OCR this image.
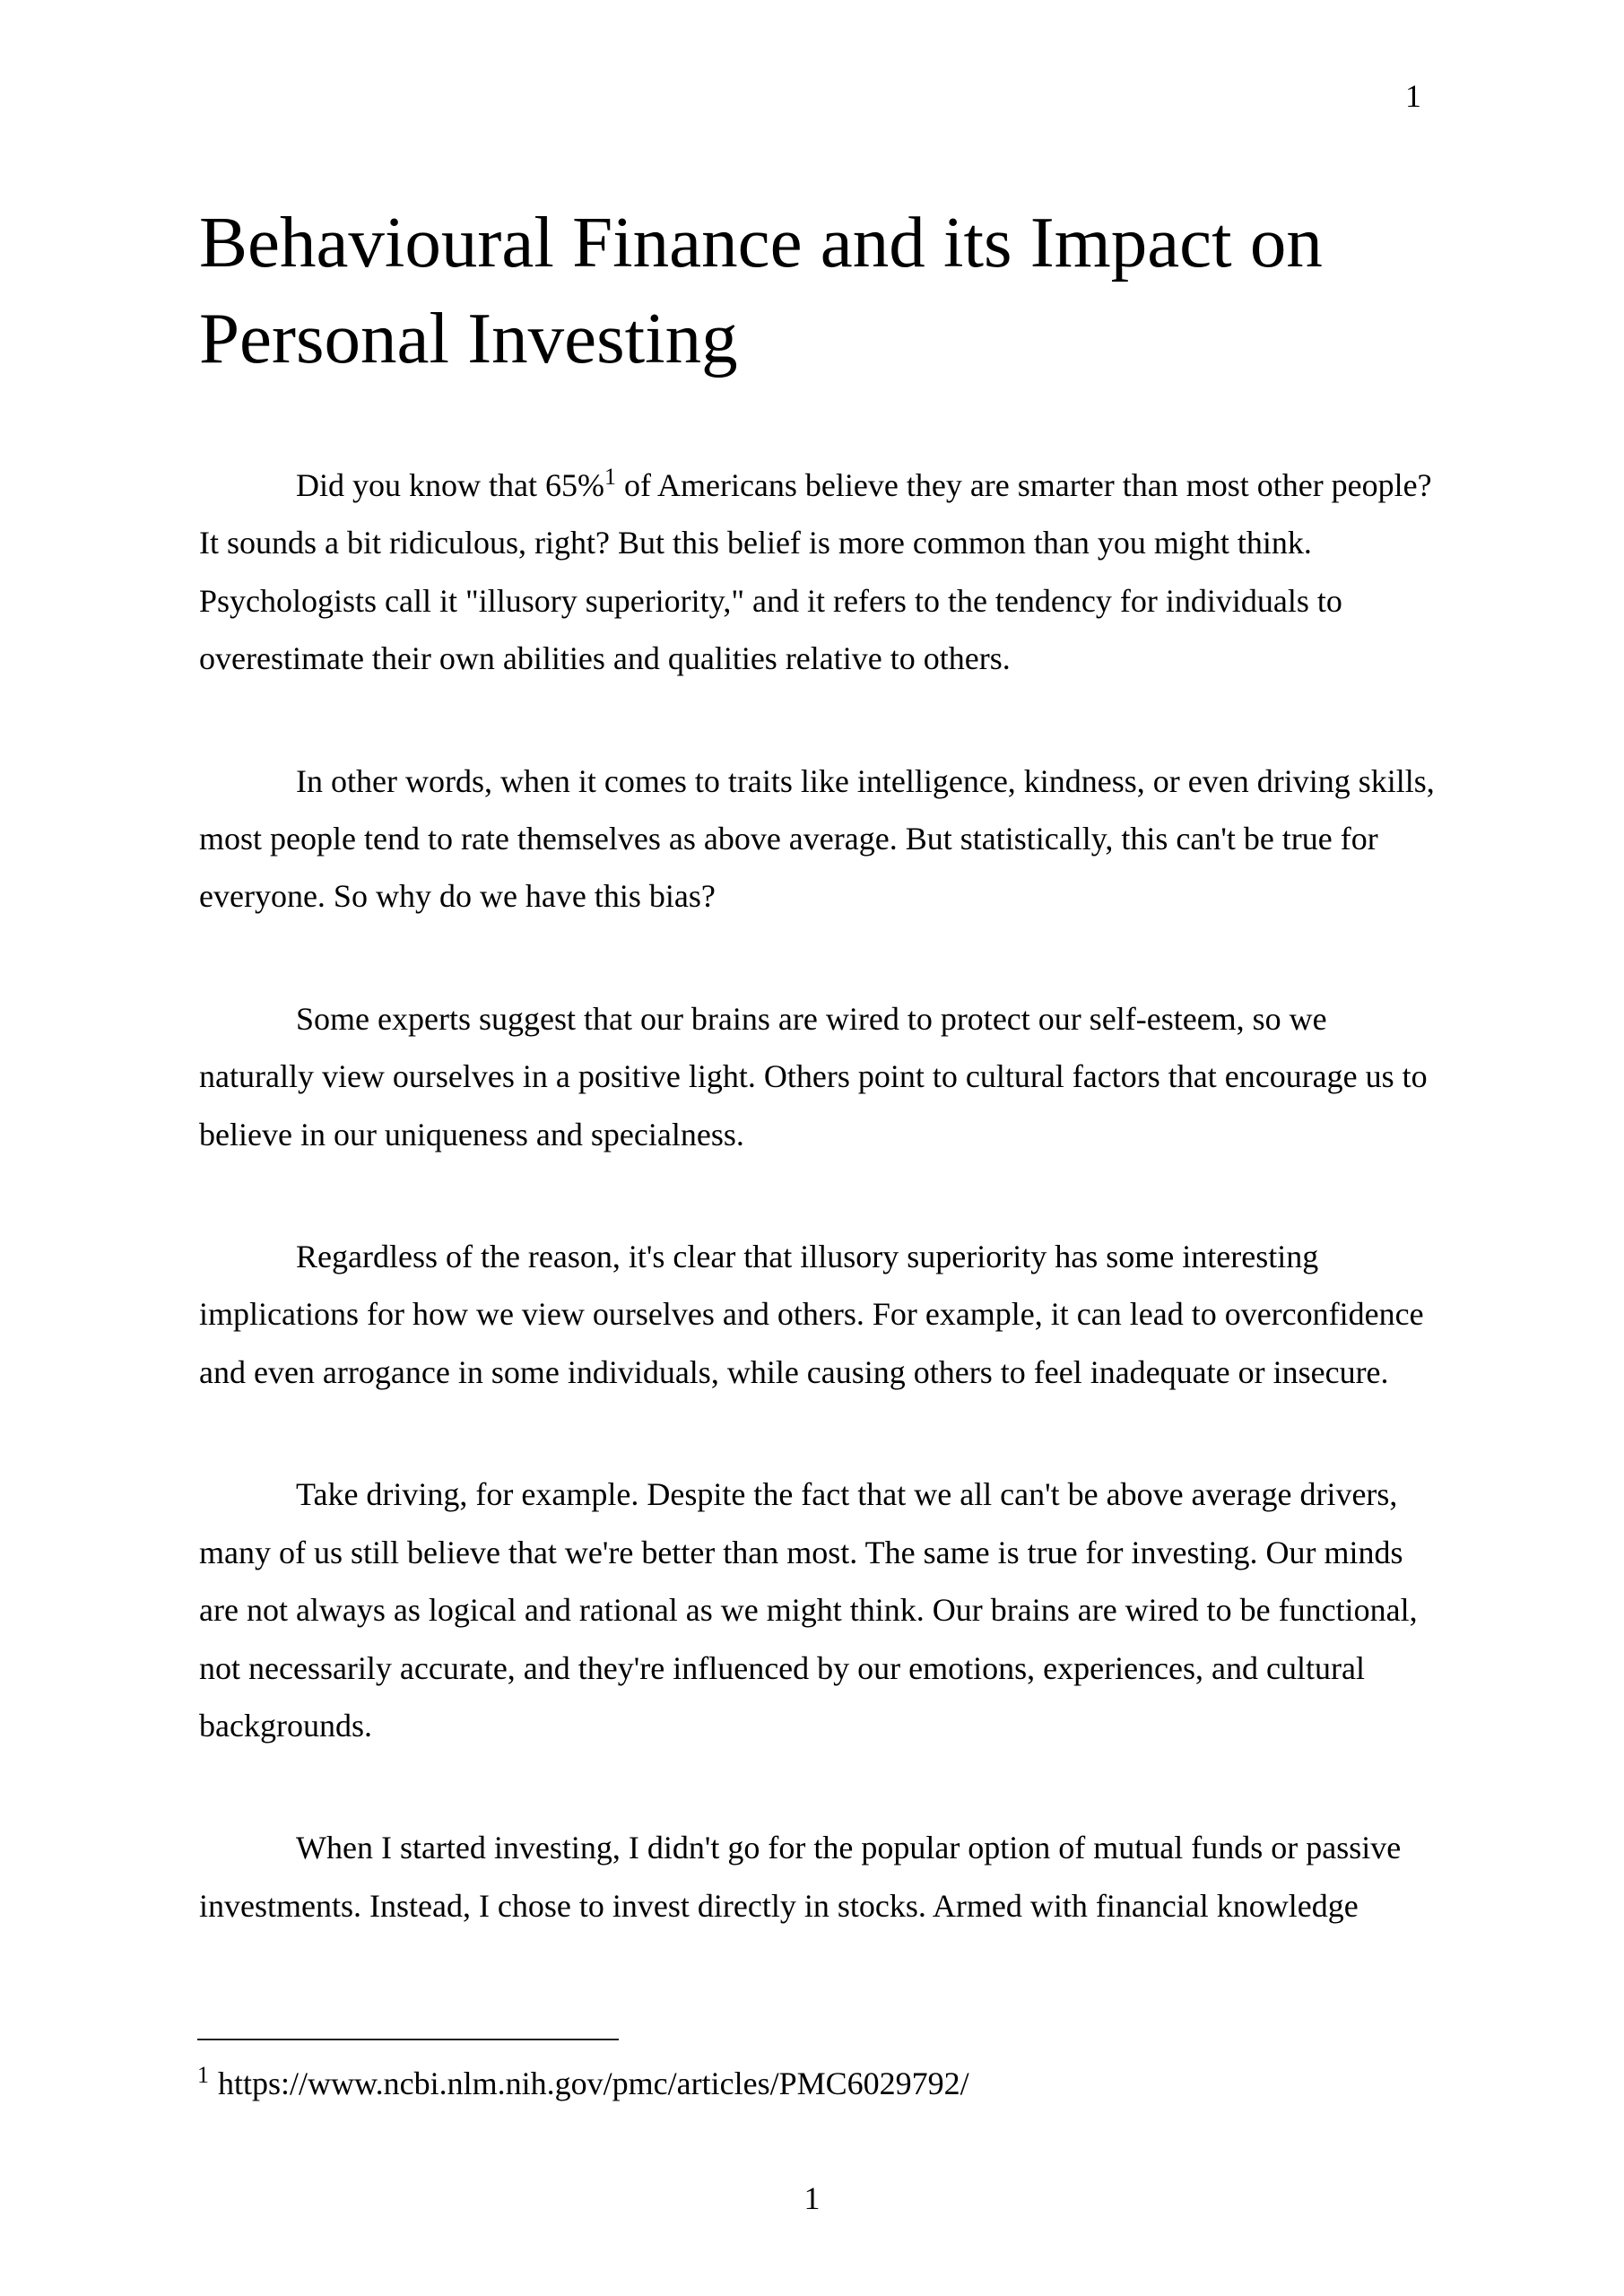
1
Behavioural Finance and its Impact on Personal Investing

Did you know that 65%$^1$ of Americans believe they are smarter than most other people? It sounds a bit ridiculous, right? But this belief is more common than you might think. Psychologists call it "illusory superiority," and it refers to the tendency for individuals to overestimate their own abilities and qualities relative to others.

In other words, when it comes to traits like intelligence, kindness, or even driving skills, most people tend to rate themselves as above average. But statistically, this can't be true for everyone. So why do we have this bias?

Some experts suggest that our brains are wired to protect our self-esteem, so we naturally view ourselves in a positive light. Others point to cultural factors that encourage us to believe in our uniqueness and specialness.

Regardless of the reason, it's clear that illusory superiority has some interesting implications for how we view ourselves and others. For example, it can lead to overconfidence and even arrogance in some individuals, while causing others to feel inadequate or insecure.

Take driving, for example. Despite the fact that we all can't be above average drivers, many of us still believe that we're better than most. The same is true for investing. Our minds are not always as logical and rational as we might think. Our brains are wired to be functional, not necessarily accurate, and they're influenced by our emotions, experiences, and cultural backgrounds.

When I started investing, I didn't go for the popular option of mutual funds or passive investments. Instead, I chose to invest directly in stocks. Armed with financial knowledge

$^1$ https://www.ncbi.nlm.nih.gov/pmc/articles/PMC6029792/
1
